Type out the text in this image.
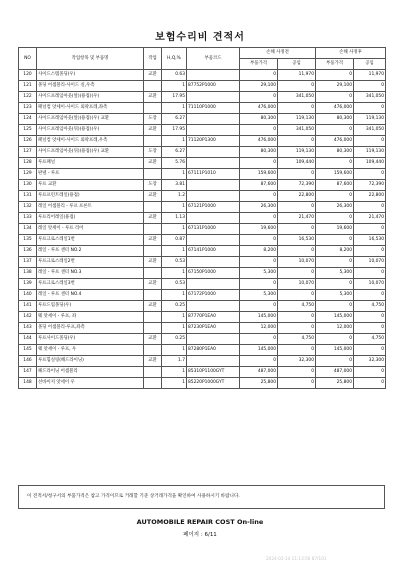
보험수리비 견적서
NO	작업항목 및 부품명	작업	H,Q,%	부품코드	손해 사정전		손해 사정후	
					부품가격	공임	부품가격	공임
120	사이드스텝몰딩(우)	교환	0.63		0	11,970	0	11,970
121	몰딩 어셈블리-사이드 실,우측		1	87752P1000	29,100	0	29,100	0
122	사이드프레임아웃(앞)(용접)(우)	교환	17.95		0	341,050	0	341,050
123	패널컴 앗세이-사이드 외곽프레,좌측		1	71110P1000	476,000	0	476,000	0
124	사이드프레임아웃(앞)(용접)(우) 교환	도장	6.27		80,300	119,130	80,300	119,130
125	사이드프레임아웃(뒤)(용접)(우)	교환	17.95		0	341,050	0	341,050
126	패널컴 앗세이-사이드 외곽프레,우측		1	71120P1300	476,000	0	476,000	0
127	사이드프레임아웃(뒤)(용접)(우) 교환	도장	6.27		80,300	119,130	80,300	119,130
128	루프패널	교환	5.76		0	109,440	0	109,440
129	판넬 - 루프		1	67111P1010	159,600	0	159,600	0
130	루프 교환	도장	3.81		87,600	72,390	87,600	72,390
131	루프프런트레일(용접)	교환	1.2		0	22,800	0	22,800
132	레일 어셈블리 - 루프 프론트		1	67121P1000	26,300	0	26,300	0
133	루프리어레일(용접)	교환	1.13		0	21,470	0	21,470
134	레일 앗세이 - 루프 리어		1	67131P1000	19,600	0	19,600	0
135	루프크로스레일1번	교환	0.87		0	16,530	0	16,530
136	레일 - 루프 센터 NO.2		1	67141P1000	8,200	0	8,200	0
137	루프크로스레일2번	교환	0.53		0	10,070	0	10,070
138	레일 - 루프 센터 NO.3		1	67150P1000	5,300	0	5,300	0
139	루프크로스레일3번	교환	0.53		0	10,070	0	10,070
140	레일 - 루프 센터 NO.4		1	67172P1000	5,300	0	5,300	0
141	루프드립몰딩(우)	교환	0.25		0	4,750	0	4,750
142	웨 앗세이 - 루프, 좌		1	87770P1EA0	145,000	0	145,000	0
143	몰딩 어셈블리-루프,좌측		1	87230P1EA0	12,000	0	12,000	0
144	루프사이드몰딩(우)	교환	0.25		0	4,750	0	4,750
145	웨 앗세이 - 루프, 우		1	87280P1EA0	145,000	0	145,000	0
146	루프힙실링(해드라이닝)	교환	1.7		0	32,300	0	32,300
147	헤드라이닝 어셈블리		1	85310P1100GYT	487,000	0	487,000	0
148	선바이저 앗세이 우		1	85220P1000GYT	25,800	0	25,800	0
이 견적서/청구서의 부품가격은 참고 가격이므로 거래할 기준 상거래가격을 확인하여 사용하시기 바랍니다.
AUTOMOBILE REPAIR COST On-line
페이지 : 6/11
2024-02-14 11:13:56 87/101
